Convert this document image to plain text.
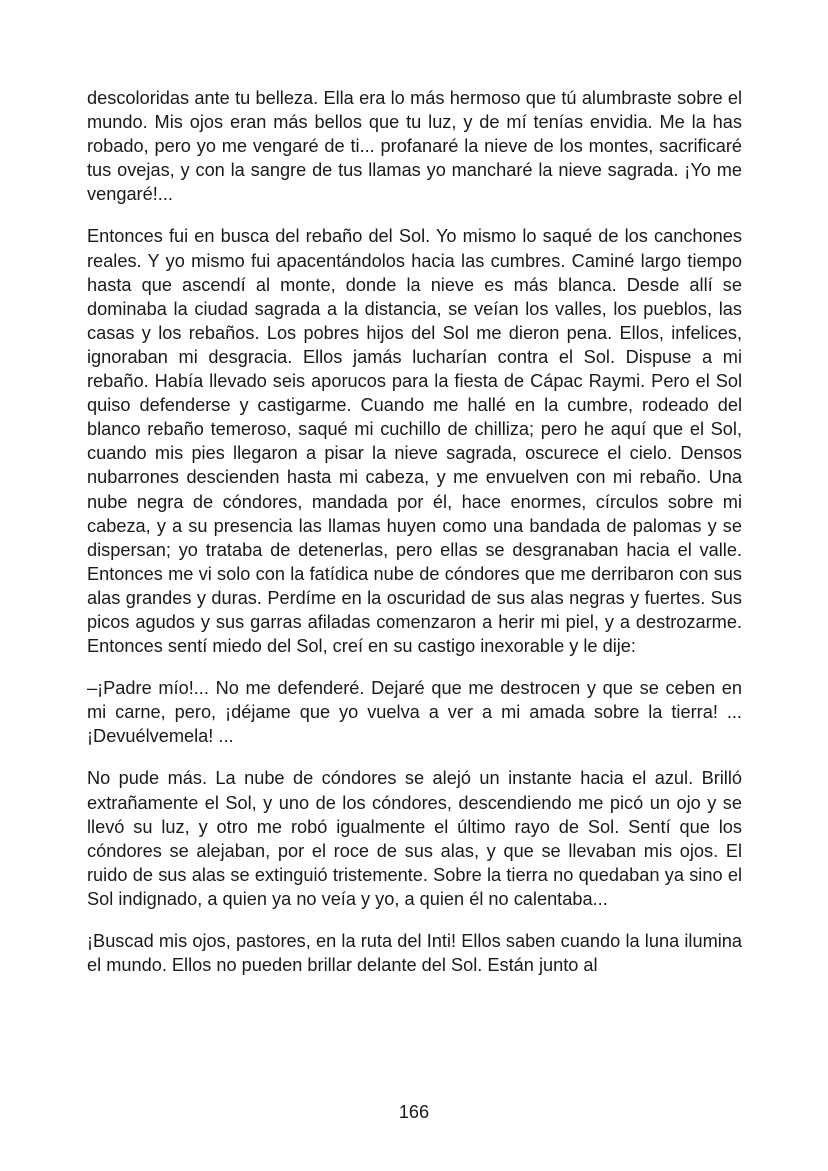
descoloridas ante tu belleza. Ella era lo más hermoso que tú alumbraste sobre el mundo. Mis ojos eran más bellos que tu luz, y de mí tenías envidia. Me la has robado, pero yo me vengaré de ti... profanaré la nieve de los montes, sacrificaré tus ovejas, y con la sangre de tus llamas yo mancharé la nieve sagrada. ¡Yo me vengaré!...

Entonces fui en busca del rebaño del Sol. Yo mismo lo saqué de los canchones reales. Y yo mismo fui apacentándolos hacia las cumbres. Caminé largo tiempo hasta que ascendí al monte, donde la nieve es más blanca. Desde allí se dominaba la ciudad sagrada a la distancia, se veían los valles, los pueblos, las casas y los rebaños. Los pobres hijos del Sol me dieron pena. Ellos, infelices, ignoraban mi desgracia. Ellos jamás lucharían contra el Sol. Dispuse a mi rebaño. Había llevado seis aporucos para la fiesta de Cápac Raymi. Pero el Sol quiso defenderse y castigarme. Cuando me hallé en la cumbre, rodeado del blanco rebaño temeroso, saqué mi cuchillo de chilliza; pero he aquí que el Sol, cuando mis pies llegaron a pisar la nieve sagrada, oscurece el cielo. Densos nubarrones descienden hasta mi cabeza, y me envuelven con mi rebaño. Una nube negra de cóndores, mandada por él, hace enormes, círculos sobre mi cabeza, y a su presencia las llamas huyen como una bandada de palomas y se dispersan; yo trataba de detenerlas, pero ellas se desgranaban hacia el valle. Entonces me vi solo con la fatídica nube de cóndores que me derribaron con sus alas grandes y duras. Perdíme en la oscuridad de sus alas negras y fuertes. Sus picos agudos y sus garras afiladas comenzaron a herir mi piel, y a destrozarme. Entonces sentí miedo del Sol, creí en su castigo inexorable y le dije:

–¡Padre mío!... No me defenderé. Dejaré que me destrocen y que se ceben en mi carne, pero, ¡déjame que yo vuelva a ver a mi amada sobre la tierra! ... ¡Devuélvemela! ...

No pude más. La nube de cóndores se alejó un instante hacia el azul. Brilló extrañamente el Sol, y uno de los cóndores, descendiendo me picó un ojo y se llevó su luz, y otro me robó igualmente el último rayo de Sol. Sentí que los cóndores se alejaban, por el roce de sus alas, y que se llevaban mis ojos. El ruido de sus alas se extinguió tristemente. Sobre la tierra no quedaban ya sino el Sol indignado, a quien ya no veía y yo, a quien él no calentaba...

¡Buscad mis ojos, pastores, en la ruta del Inti! Ellos saben cuando la luna ilumina el mundo. Ellos no pueden brillar delante del Sol. Están junto al

166
